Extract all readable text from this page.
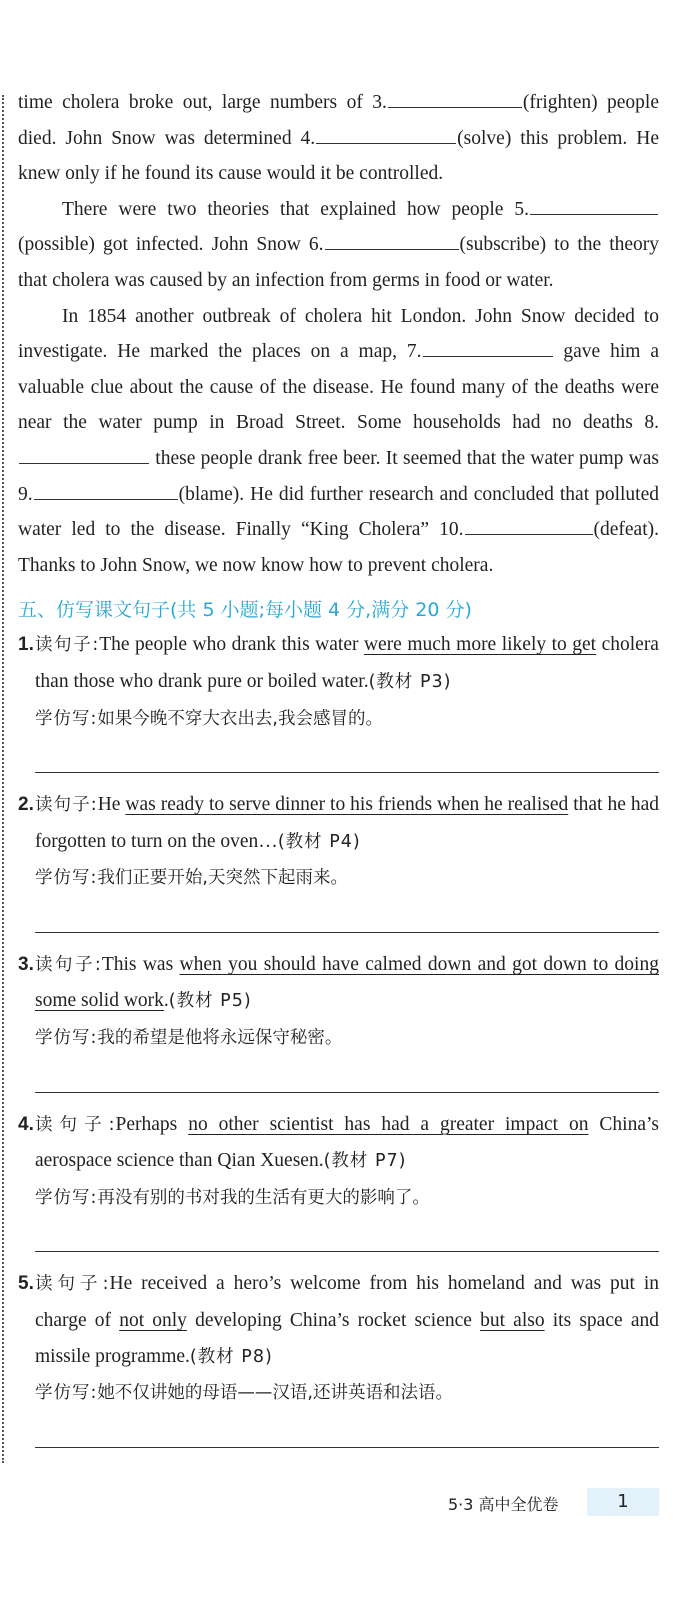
time cholera broke out, large numbers of 3.	(frighten) people died. John Snow was determined 4.	(solve) this problem. He knew only if he found its cause would it be controlled.
There were two theories that explained how people 5.(possible) got infected. John Snow 6.	(subscribe) to the theory that cholera was caused by an infection from germs in food or water.
In 1854 another outbreak of cholera hit London. John Snow decided to investigate. He marked the places on a map, 7.	gave him a valuable clue about the cause of the disease. He found many of the deaths were near the water pump in Broad Street. Some households had no deaths 8. these people drank free beer. It seemed that the water pump was 9.	(blame). He did further research and concluded that polluted water led to the disease. Finally “King Cholera” 10.	(defeat). Thanks to John Snow, we now know how to prevent cholera.
五、仿写课文句子(共 5 小题;每小题 4 分,满分 20 分)
1. 读句子:The people who drank this water were much more likely to get cholera than those who drank pure or boiled water.(教材 P3)
学仿写:如果今晚不穿大衣出去,我会感冒的。
2. 读句子:He was ready to serve dinner to his friends when he realised that he had forgotten to turn on the oven…(教材 P4)
学仿写:我们正要开始,天突然下起雨来。
3. 读句子:This was when you should have calmed down and got down to doing some solid work.(教材 P5)
学仿写:我的希望是他将永远保守秘密。
4. 读句子:Perhaps no other scientist has had a greater impact on China’s aerospace science than Qian Xuesen.(教材 P7)
学仿写:再没有别的书对我的生活有更大的影响了。
5. 读句子:He received a hero’s welcome from his homeland and was put in charge of not only developing China’s rocket science but also its space and missile programme.(教材 P8)
学仿写:她不仅讲她的母语——汉语,还讲英语和法语。
5·3 高中全优卷	1
